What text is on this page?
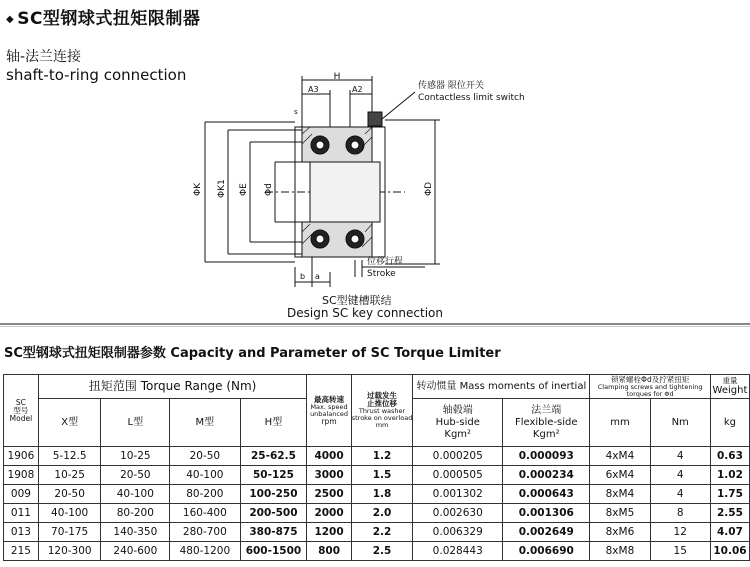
◆ SC型钢球式扭矩限制器
轴-法兰连接
shaft-to-ring connection	H
A3	A2
s
ΦK ΦK1 ΦE Φd	ΦD
a
b
传感器 限位开关
Contactless limit switch
位移行程
Stroke
SC型键槽联结
Design SC key connection
SC型钢球式扭矩限制器参数 Capacity and Parameter of SC Torque Limiter
SC
型号
Model	扭矩范围 Torque Range (Nm)				最高转速
Max. speed
unbalanced
rpm	过载发生
止推位移
Thrust washer
stroke on overload
mm	转动惯量 Mass moments of inertial		锁紧螺栓Φd及拧紧扭矩
Clamping screws and tightening
torques for Φd		重量
Weight

	X型	L型	M型	H型			轴毂端
Hub-side
Kgm²	法兰端
Flexible-side
Kgm²	mm	Nm	kg
1906	5-12.5	10-25	20-50	25-62.5	4000	1.2	0.000205	0.000093	4xM4	4	0.63
1908	10-25	20-50	40-100	50-125	3000	1.5	0.000505	0.000234	6xM4	4	1.02
009	20-50	40-100	80-200	100-250	2500	1.8	0.001302	0.000643	8xM4	4	1.75
011	40-100	80-200	160-400	200-500	2000	2.0	0.002630	0.001306	8xM5	8	2.55
013	70-175	140-350	280-700	380-875	1200	2.2	0.006329	0.002649	8xM6	12	4.07
215	120-300	240-600	480-1200	600-1500	800	2.5	0.028443	0.006690	8xM8	15	10.06
